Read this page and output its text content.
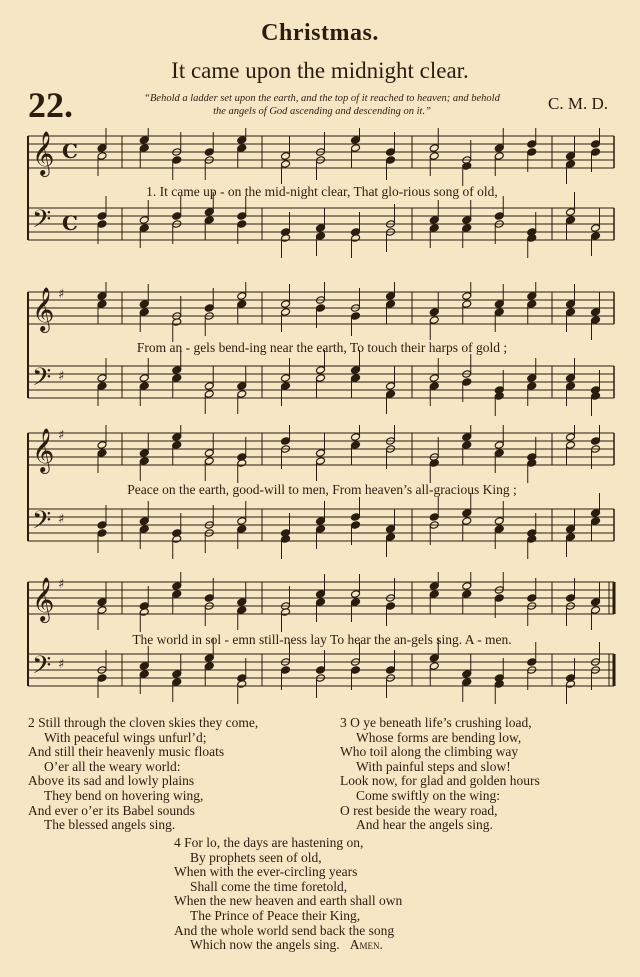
Christmas.
It came upon the midnight clear.
22.	“Behold a ladder set upon the earth, and the top of it reached to heaven; and behold
the angels of God ascending and descending on it.”	C. M. D.
𝄞 C
𝄢 C
1. It came up - on the mid-night clear, That glo-rious song of old,
𝄞 ♯
𝄢 ♯
From an - gels bend-ing near the earth, To touch their harps of gold ;
𝄞 ♯
𝄢 ♯
Peace on the earth, good-will to men, From heaven’s all-gracious King ;
𝄞 ♯
𝄢 ♯
The world in sol - emn still-ness lay To hear the an-gels sing. A - men.
2 Still through the cloven skies they come,
With peaceful wings unfurl’d;
And still their heavenly music floats
O’er all the weary world:
Above its sad and lowly plains
They bend on hovering wing,
And ever o’er its Babel sounds
The blessed angels sing.
3 O ye beneath life’s crushing load,
Whose forms are bending low,
Who toil along the climbing way
With painful steps and slow!
Look now, for glad and golden hours
Come swiftly on the wing:
O rest beside the weary road,
And hear the angels sing.
4 For lo, the days are hastening on,
By prophets seen of old,
When with the ever-circling years
Shall come the time foretold,
When the new heaven and earth shall own
The Prince of Peace their King,
And the whole world send back the song
Which now the angels sing. Amen.
